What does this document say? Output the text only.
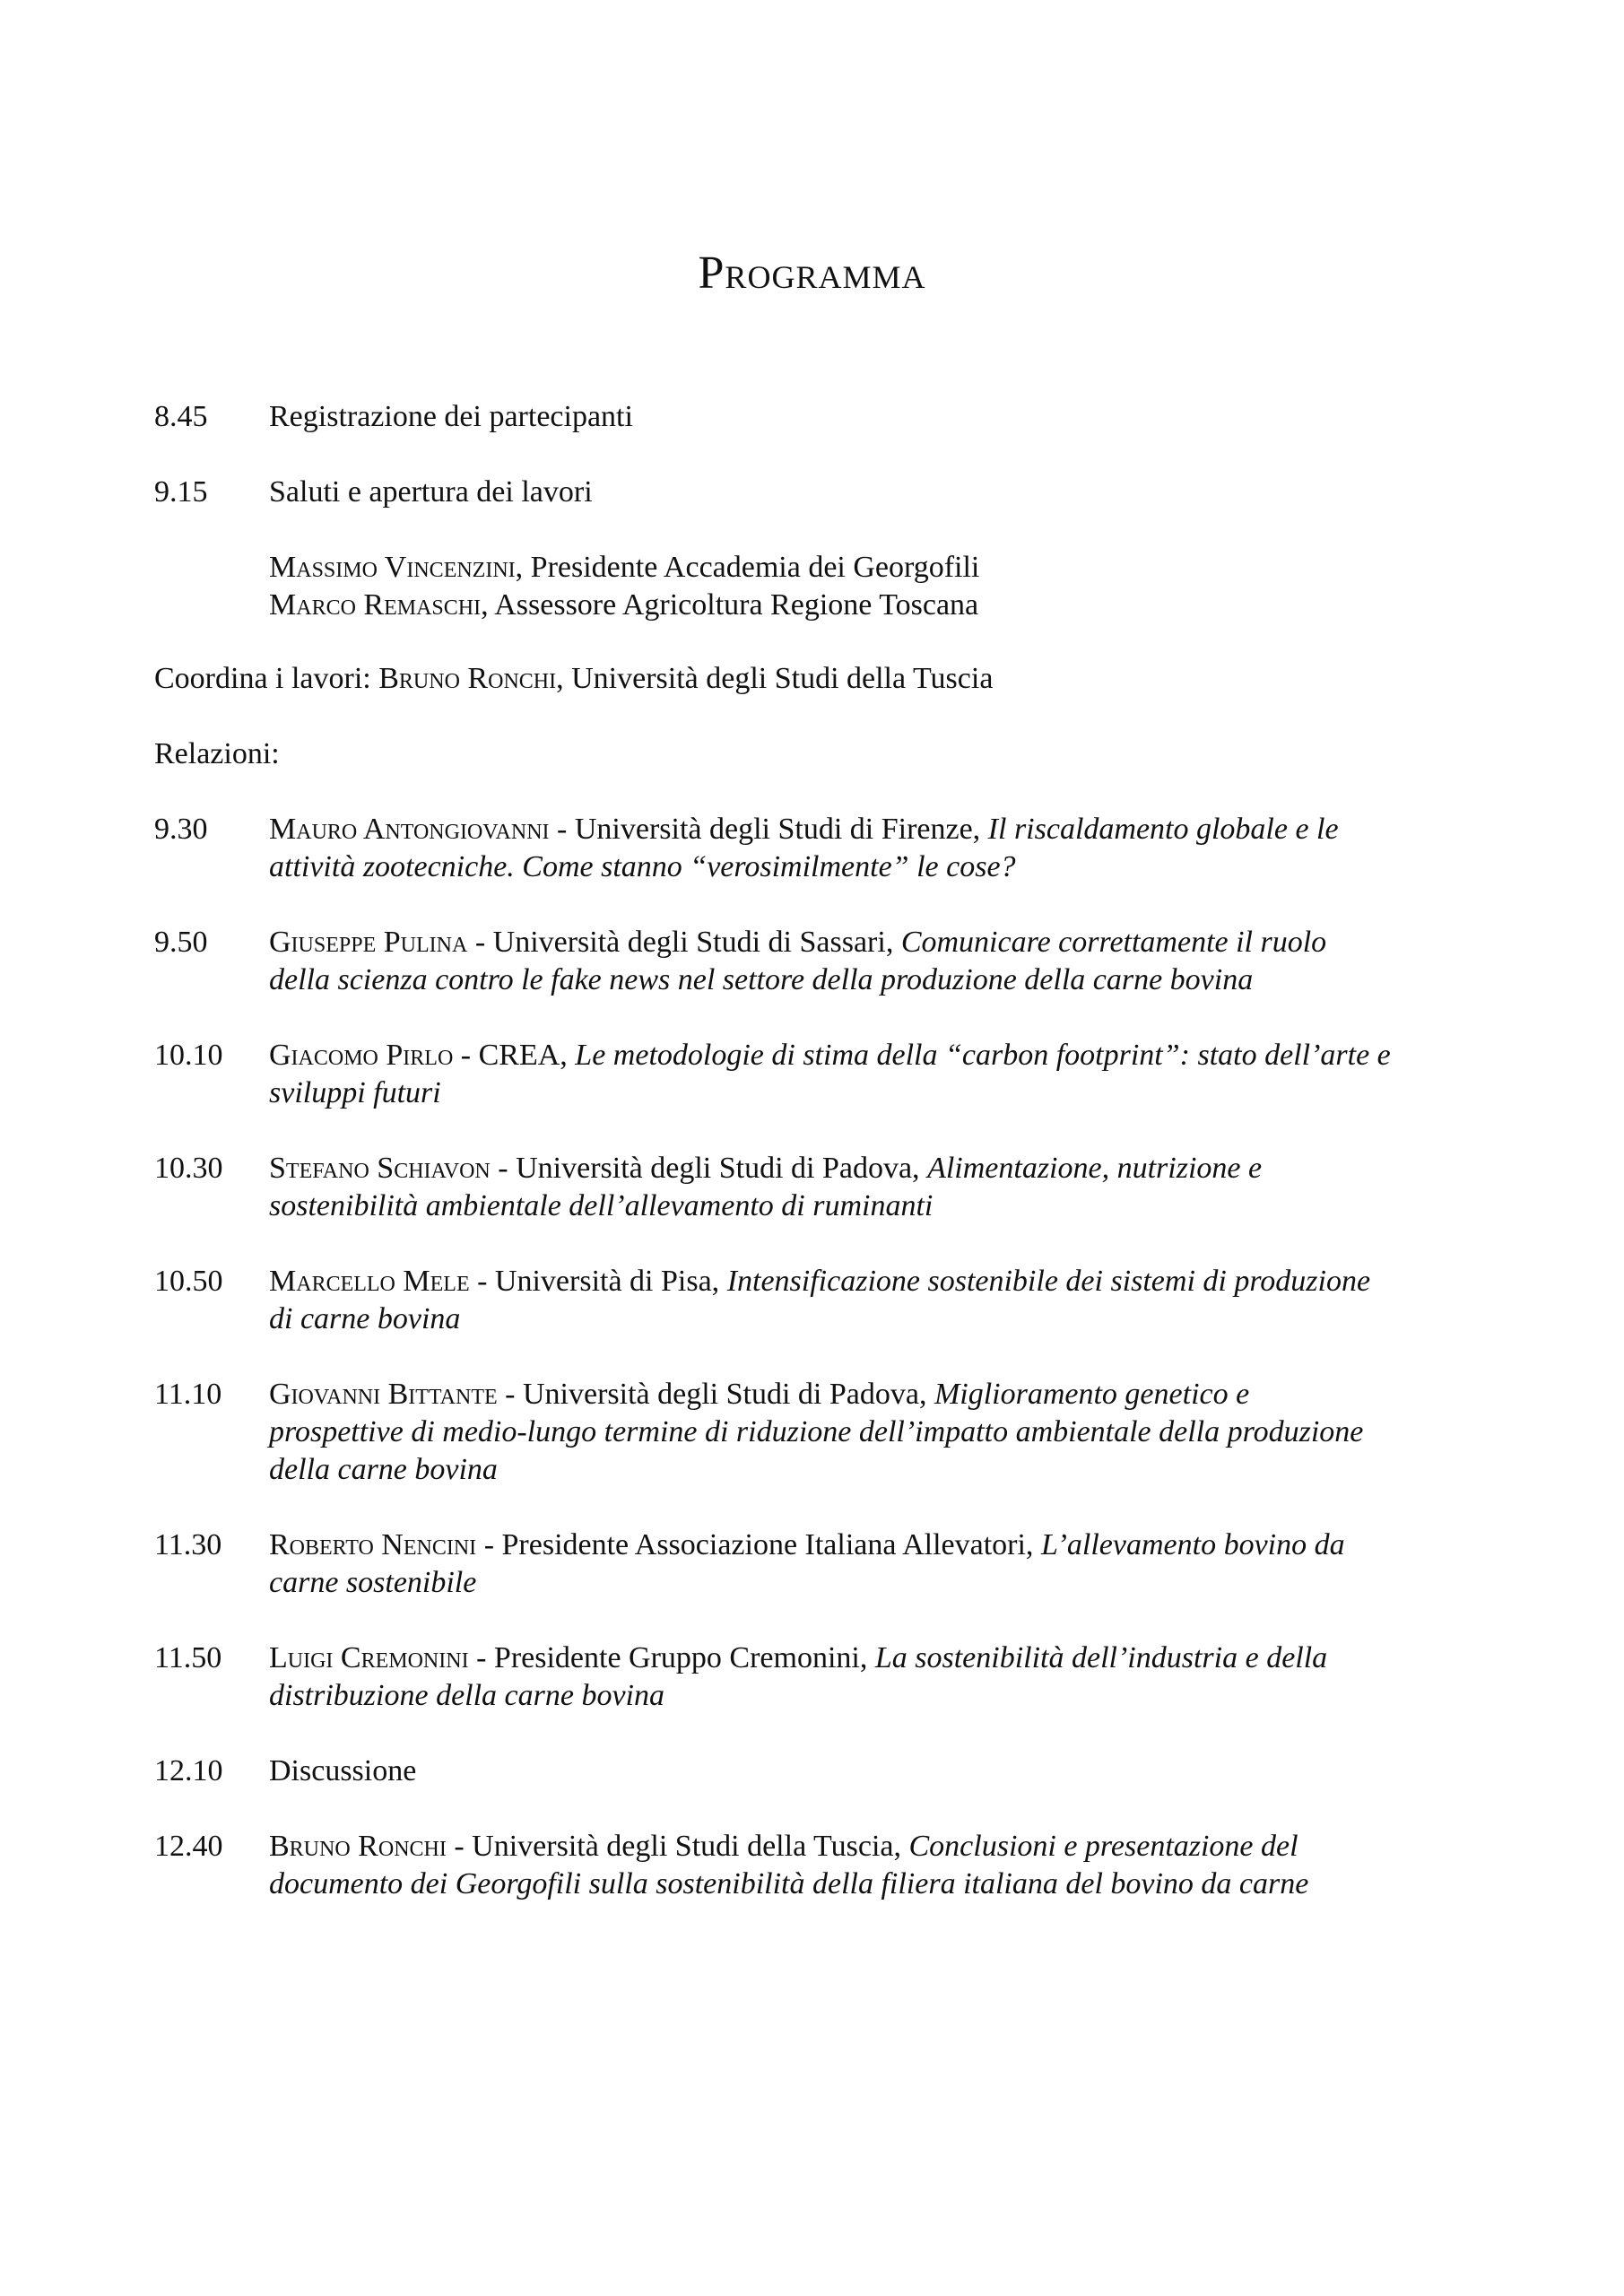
Programma
8.45	Registrazione dei partecipanti
9.15	Saluti e apertura dei lavori
Massimo Vincenzini, Presidente Accademia dei Georgofili
Marco Remaschi, Assessore Agricoltura Regione Toscana
Coordina i lavori: Bruno Ronchi, Università degli Studi della Tuscia
Relazioni:
9.30	Mauro Antongiovanni - Università degli Studi di Firenze, Il riscaldamento globale e le
attività zootecniche. Come stanno “verosimilmente” le cose?
9.50	Giuseppe Pulina - Università degli Studi di Sassari, Comunicare correttamente il ruolo
della scienza contro le fake news nel settore della produzione della carne bovina
10.10	Giacomo Pirlo - CREA, Le metodologie di stima della “carbon footprint”: stato dell’arte e
sviluppi futuri
10.30	Stefano Schiavon - Università degli Studi di Padova, Alimentazione, nutrizione e
sostenibilità ambientale dell’allevamento di ruminanti
10.50	Marcello Mele - Università di Pisa, Intensificazione sostenibile dei sistemi di produzione
di carne bovina
11.10	Giovanni Bittante - Università degli Studi di Padova, Miglioramento genetico e
prospettive di medio-lungo termine di riduzione dell’impatto ambientale della produzione
della carne bovina
11.30	Roberto Nencini - Presidente Associazione Italiana Allevatori, L’allevamento bovino da
carne sostenibile
11.50	Luigi Cremonini - Presidente Gruppo Cremonini, La sostenibilità dell’industria e della
distribuzione della carne bovina
12.10	Discussione
12.40	Bruno Ronchi - Università degli Studi della Tuscia, Conclusioni e presentazione del
documento dei Georgofili sulla sostenibilità della filiera italiana del bovino da carne
